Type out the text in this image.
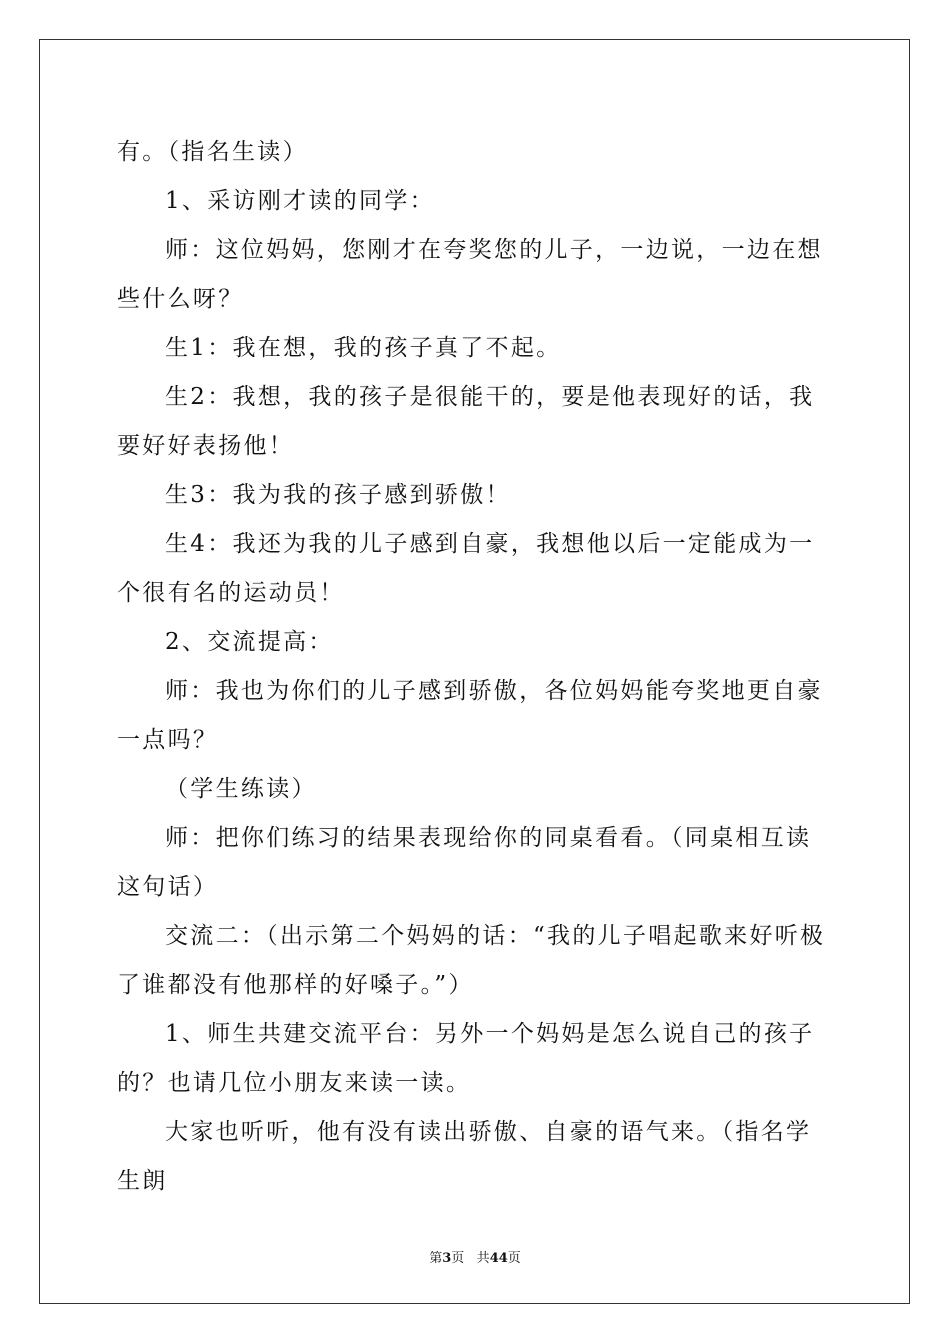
有。（指名生读）

1、采访刚才读的同学：

师：这位妈妈，您刚才在夸奖您的儿子，一边说，一边在想些什么呀？

生1：我在想，我的孩子真了不起。

生2：我想，我的孩子是很能干的，要是他表现好的话，我要好好表扬他！

生3：我为我的孩子感到骄傲！

生4：我还为我的儿子感到自豪，我想他以后一定能成为一个很有名的运动员！

2、交流提高：

师：我也为你们的儿子感到骄傲，各位妈妈能夸奖地更自豪一点吗？

（学生练读）

师：把你们练习的结果表现给你的同桌看看。（同桌相互读这句话）

交流二：（出示第二个妈妈的话：“我的儿子唱起歌来好听极了谁都没有他那样的好嗓子。”）

1、师生共建交流平台：另外一个妈妈是怎么说自己的孩子的？也请几位小朋友来读一读。

大家也听听，他有没有读出骄傲、自豪的语气来。（指名学生朗

第3页 共44页
